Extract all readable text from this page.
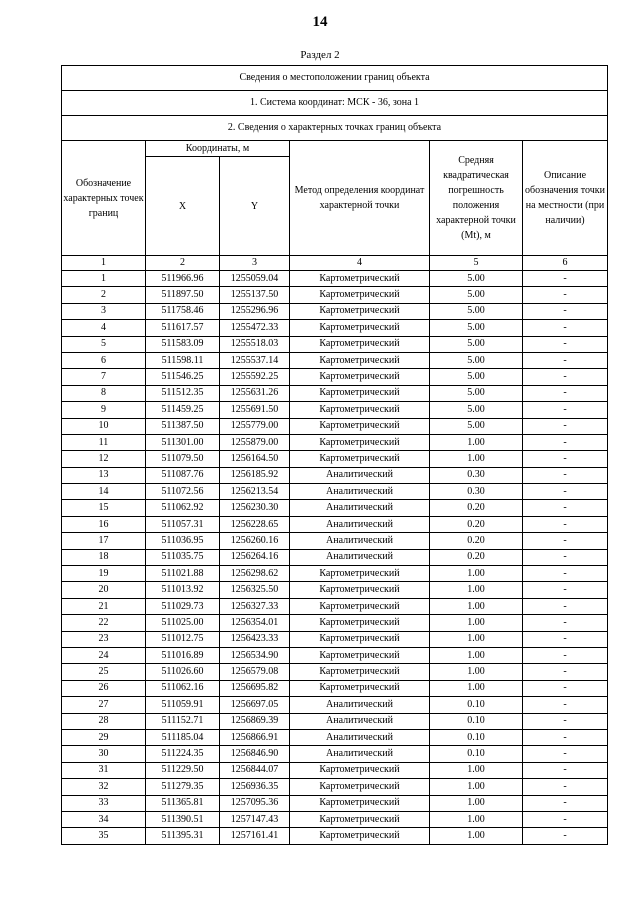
14
Раздел 2
Сведения о местоположении границ объекта					
1. Система координат: МСК - 36, зона 1					
2. Сведения о характерных точках границ объекта					
Обозначение характерных точек границ	Координаты, м		Метод определения координат характерной точки	Средняя квадратическая погрешность положения характерной точки (Mt), м	Описание обозначения точки на местности (при наличии)
	X	Y			
1	2	3	4	5	6
1	511966.96	1255059.04	Картометрический	5.00	-
2	511897.50	1255137.50	Картометрический	5.00	-
3	511758.46	1255296.96	Картометрический	5.00	-
4	511617.57	1255472.33	Картометрический	5.00	-
5	511583.09	1255518.03	Картометрический	5.00	-
6	511598.11	1255537.14	Картометрический	5.00	-
7	511546.25	1255592.25	Картометрический	5.00	-
8	511512.35	1255631.26	Картометрический	5.00	-
9	511459.25	1255691.50	Картометрический	5.00	-
10	511387.50	1255779.00	Картометрический	5.00	-
11	511301.00	1255879.00	Картометрический	1.00	-
12	511079.50	1256164.50	Картометрический	1.00	-
13	511087.76	1256185.92	Аналитический	0.30	-
14	511072.56	1256213.54	Аналитический	0.30	-
15	511062.92	1256230.30	Аналитический	0.20	-
16	511057.31	1256228.65	Аналитический	0.20	-
17	511036.95	1256260.16	Аналитический	0.20	-
18	511035.75	1256264.16	Аналитический	0.20	-
19	511021.88	1256298.62	Картометрический	1.00	-
20	511013.92	1256325.50	Картометрический	1.00	-
21	511029.73	1256327.33	Картометрический	1.00	-
22	511025.00	1256354.01	Картометрический	1.00	-
23	511012.75	1256423.33	Картометрический	1.00	-
24	511016.89	1256534.90	Картометрический	1.00	-
25	511026.60	1256579.08	Картометрический	1.00	-
26	511062.16	1256695.82	Картометрический	1.00	-
27	511059.91	1256697.05	Аналитический	0.10	-
28	511152.71	1256869.39	Аналитический	0.10	-
29	511185.04	1256866.91	Аналитический	0.10	-
30	511224.35	1256846.90	Аналитический	0.10	-
31	511229.50	1256844.07	Картометрический	1.00	-
32	511279.35	1256936.35	Картометрический	1.00	-
33	511365.81	1257095.36	Картометрический	1.00	-
34	511390.51	1257147.43	Картометрический	1.00	-
35	511395.31	1257161.41	Картометрический	1.00	-
